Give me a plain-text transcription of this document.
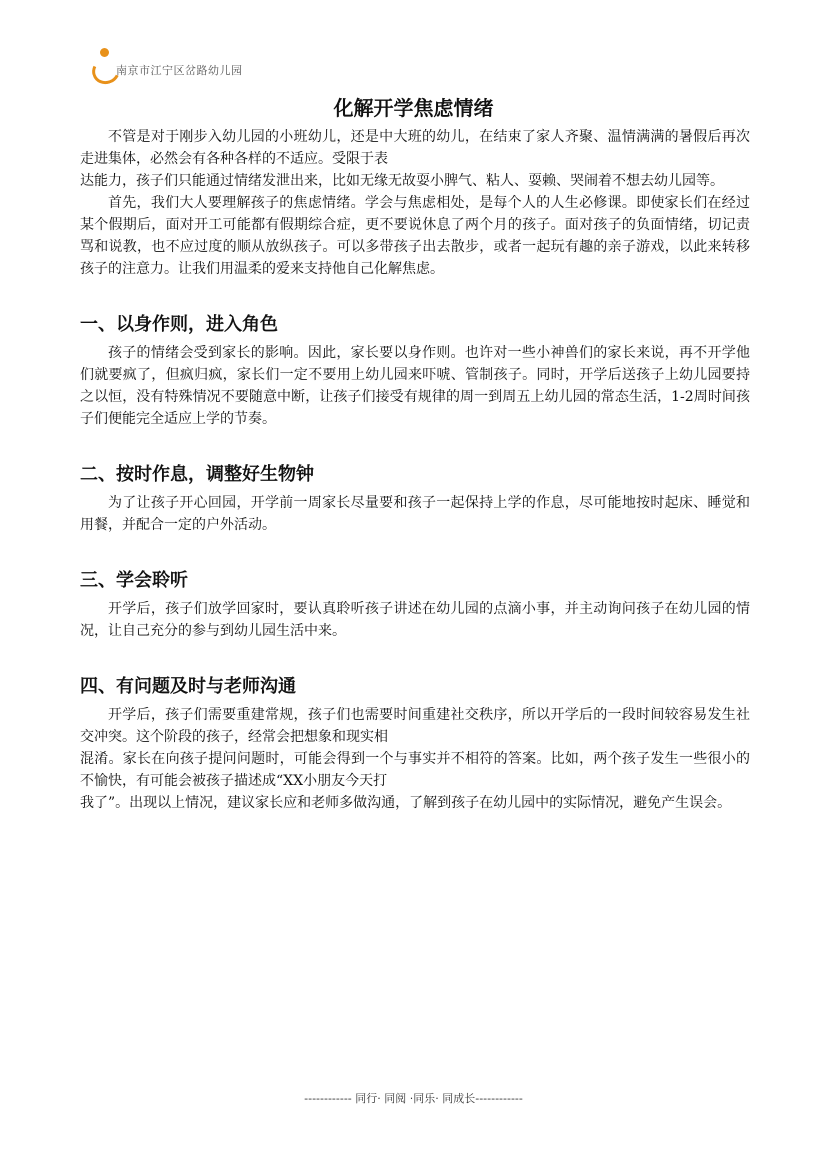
南京市江宁区岔路幼儿园
化解开学焦虑情绪

不管是对于刚步入幼儿园的小班幼儿，还是中大班的幼儿，在结束了家人齐聚、温情满满的暑假后再次走进集体，必然会有各种各样的不适应。受限于表
达能力，孩子们只能通过情绪发泄出来，比如无缘无故耍小脾气、粘人、耍赖、哭闹着不想去幼儿园等。

首先，我们大人要理解孩子的焦虑情绪。学会与焦虑相处，是每个人的人生必修课。即使家长们在经过某个假期后，面对开工可能都有假期综合症，更不要说休息了两个月的孩子。面对孩子的负面情绪，切记责骂和说教，也不应过度的顺从放纵孩子。可以多带孩子出去散步，或者一起玩有趣的亲子游戏，以此来转移孩子的注意力。让我们用温柔的爱来支持他自己化解焦虑。

一、以身作则，进入角色

孩子的情绪会受到家长的影响。因此，家长要以身作则。也许对一些小神兽们的家长来说，再不开学他们就要疯了，但疯归疯，家长们一定不要用上幼儿园来吓唬、管制孩子。同时，开学后送孩子上幼儿园要持之以恒，没有特殊情况不要随意中断，让孩子们接受有规律的周一到周五上幼儿园的常态生活，1-2周时间孩子们便能完全适应上学的节奏。

二、按时作息，调整好生物钟

为了让孩子开心回园，开学前一周家长尽量要和孩子一起保持上学的作息，尽可能地按时起床、睡觉和用餐，并配合一定的户外活动。

三、学会聆听

开学后，孩子们放学回家时，要认真聆听孩子讲述在幼儿园的点滴小事，并主动询问孩子在幼儿园的情况，让自己充分的参与到幼儿园生活中来。

四、有问题及时与老师沟通

开学后，孩子们需要重建常规，孩子们也需要时间重建社交秩序，所以开学后的一段时间较容易发生社交冲突。这个阶段的孩子，经常会把想象和现实相
混淆。家长在向孩子提问问题时，可能会得到一个与事实并不相符的答案。比如，两个孩子发生一些很小的不愉快，有可能会被孩子描述成“XX小朋友今天打
我了”。出现以上情况，建议家长应和老师多做沟通，了解到孩子在幼儿园中的实际情况，避免产生误会。

------------ 同行· 同阅 ·同乐· 同成长------------
